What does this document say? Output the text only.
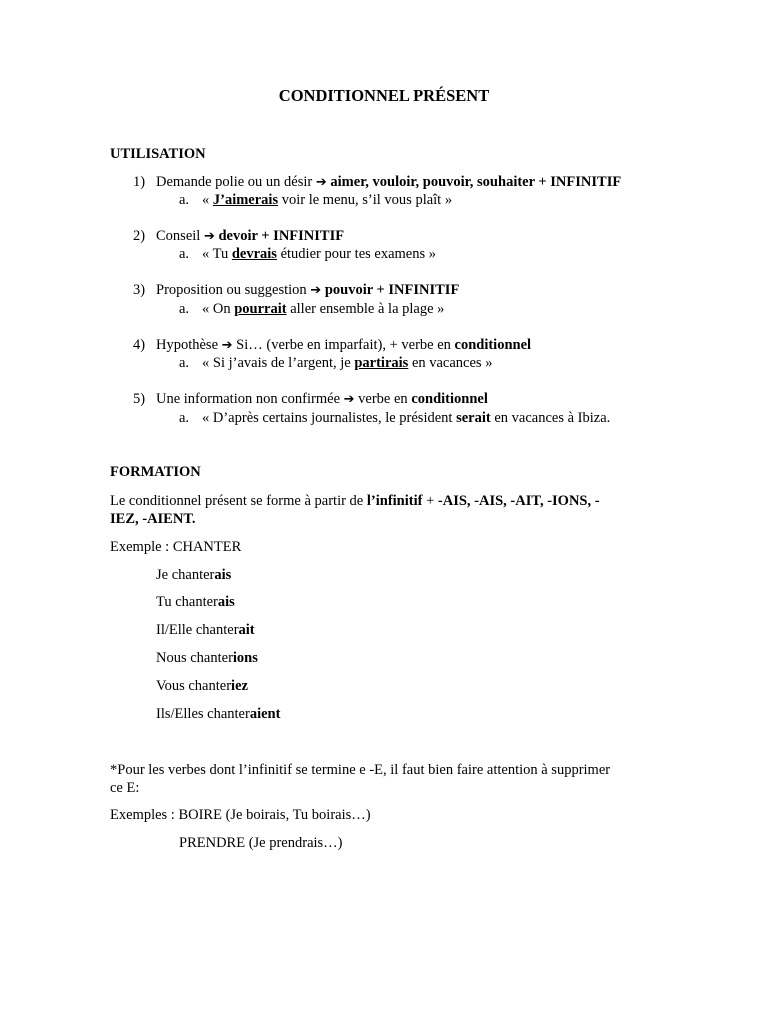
CONDITIONNEL PRÉSENT
UTILISATION
1) Demande polie ou un désir ➔ aimer, vouloir, pouvoir, souhaiter + INFINITIF
a. « J’aimerais voir le menu, s’il vous plaît »
2) Conseil ➔ devoir + INFINITIF
a. « Tu devrais étudier pour tes examens »
3) Proposition ou suggestion ➔ pouvoir + INFINITIF
a. « On pourrait aller ensemble à la plage »
4) Hypothèse ➔ Si… (verbe en imparfait), + verbe en conditionnel
a. « Si j’avais de l’argent, je partirais en vacances »
5) Une information non confirmée ➔ verbe en conditionnel
a. « D’après certains journalistes, le président serait en vacances à Ibiza.
FORMATION
Le conditionnel présent se forme à partir de l’infinitif + -AIS, -AIS, -AIT, -IONS, -
IEZ, -AIENT.
Exemple : CHANTER
Je chanterais
Tu chanterais
Il/Elle chanterait
Nous chanterions
Vous chanteriez
Ils/Elles chanteraient
*Pour les verbes dont l’infinitif se termine e -E, il faut bien faire attention à supprimer
ce E:
Exemples : BOIRE (Je boirais, Tu boirais…)
PRENDRE (Je prendrais…)
